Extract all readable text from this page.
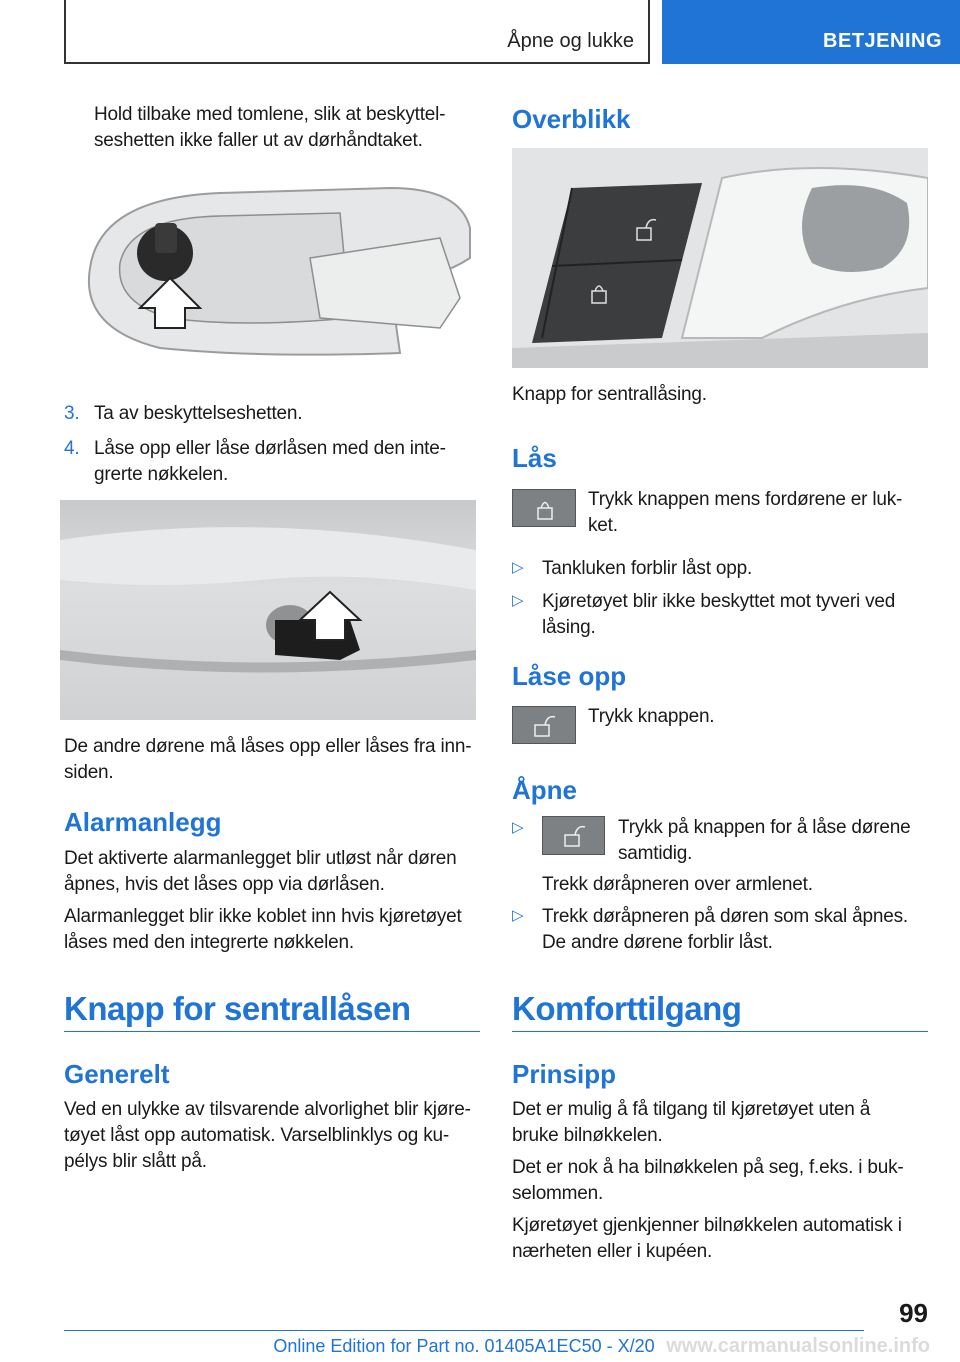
Åpne og lukke	BETJENING

Hold tilbake med tomlene, slik at beskyttel-

seshetten ikke faller ut av dørhåndtaket.

3. Ta av beskyttelseshetten.

4. Låse opp eller låse dørlåsen med den inte-

grerte nøkkelen.

De andre dørene må låses opp eller låses fra inn-

siden.

Alarmanlegg

Det aktiverte alarmanlegget blir utløst når døren

åpnes, hvis det låses opp via dørlåsen.

Alarmanlegget blir ikke koblet inn hvis kjøretøyet

låses med den integrerte nøkkelen.

Knapp for sentrallåsen
Generelt

Ved en ulykke av tilsvarende alvorlighet blir kjøre-

tøyet låst opp automatisk. Varselblinklys og ku-

pélys blir slått på.

Overblikk

Knapp for sentrallåsing.

Lås

Trykk knappen mens fordørene er luk-

ket.

▷ Tankluken forblir låst opp.

▷ Kjøretøyet blir ikke beskyttet mot tyveri ved

låsing.

Låse opp

Trykk knappen.

Åpne
▷	Trykk på knappen for å låse dørene

samtidig.

Trekk døråpneren over armlenet.

▷ Trekk døråpneren på døren som skal åpnes.

De andre dørene forblir låst.

Komforttilgang
Prinsipp

Det er mulig å få tilgang til kjøretøyet uten å

bruke bilnøkkelen.

Det er nok å ha bilnøkkelen på seg, f.eks. i buk-

selommen.

Kjøretøyet gjenkjenner bilnøkkelen automatisk i

nærheten eller i kupéen.

99
Online Edition for Part no. 01405A1EC50 - X/20 www.carmanualsonline.info
